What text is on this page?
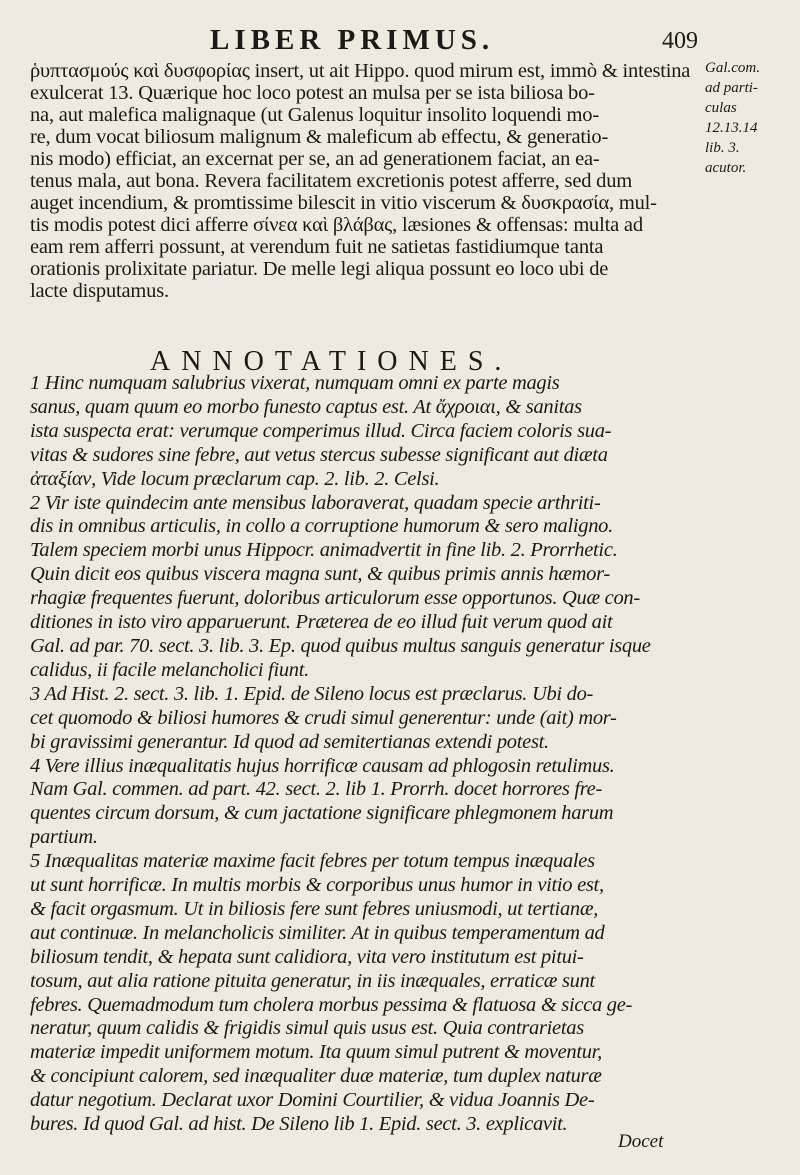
LIBER PRIMUS.	409
Gal.com.
ad parti-
culas
12.13.14
lib. 3.
acutor.
ῥυπτασμούς καὶ δυσφορίας insert, ut ait Hippo. quod mirum est, immò & intestina
exulcerat 13. Quærique hoc loco potest an mulsa per se ista biliosa bo-
na, aut malefica malignaque (ut Galenus loquitur insolito loquendi mo-
re, dum vocat biliosum malignum & maleficum ab effectu, & generatio-
nis modo) efficiat, an excernat per se, an ad generationem faciat, an ea-
tenus mala, aut bona. Revera facilitatem excretionis potest afferre, sed dum
auget incendium, & promtissime bilescit in vitio viscerum & δυσκρασία, mul-
tis modis potest dici afferre σίνεα καὶ βλάβας, læsiones & offensas: multa ad
eam rem afferri possunt, at verendum fuit ne satietas fastidiumque tanta
orationis prolixitate pariatur. De melle legi aliqua possunt eo loco ubi de
lacte disputamus.
ANNOTATIONES.
1 Hinc numquam salubrius vixerat, numquam omni ex parte magis
sanus, quam quum eo morbo funesto captus est. At ἄχροιαι, & sanitas
ista suspecta erat: verumque comperimus illud. Circa faciem coloris sua-
vitas & sudores sine febre, aut vetus stercus subesse significant aut diæta
ἀταξίαν, Vide locum præclarum cap. 2. lib. 2. Celsi.
2 Vir iste quindecim ante mensibus laboraverat, quadam specie arthriti-
dis in omnibus articulis, in collo a corruptione humorum & sero maligno.
Talem speciem morbi unus Hippocr. animadvertit in fine lib. 2. Prorrhetic.
Quin dicit eos quibus viscera magna sunt, & quibus primis annis hæmor-
rhagiæ frequentes fuerunt, doloribus articulorum esse opportunos. Quæ con-
ditiones in isto viro apparuerunt. Præterea de eo illud fuit verum quod ait
Gal. ad par. 70. sect. 3. lib. 3. Ep. quod quibus multus sanguis generatur isque
calidus, ii facile melancholici fiunt.
3 Ad Hist. 2. sect. 3. lib. 1. Epid. de Sileno locus est præclarus. Ubi do-
cet quomodo & biliosi humores & crudi simul generentur: unde (ait) mor-
bi gravissimi generantur. Id quod ad semitertianas extendi potest.
4 Vere illius inæqualitatis hujus horrificæ causam ad phlogosin retulimus.
Nam Gal. commen. ad part. 42. sect. 2. lib 1. Prorrh. docet horrores fre-
quentes circum dorsum, & cum jactatione significare phlegmonem harum
partium.
5 Inæqualitas materiæ maxime facit febres per totum tempus inæquales
ut sunt horrificæ. In multis morbis & corporibus unus humor in vitio est,
& facit orgasmum. Ut in biliosis fere sunt febres uniusmodi, ut tertianæ,
aut continuæ. In melancholicis similiter. At in quibus temperamentum ad
biliosum tendit, & hepata sunt calidiora, vita vero institutum est pitui-
tosum, aut alia ratione pituita generatur, in iis inæquales, erraticæ sunt
febres. Quemadmodum tum cholera morbus pessima & flatuosa & sicca ge-
neratur, quum calidis & frigidis simul quis usus est. Quia contrarietas
materiæ impedit uniformem motum. Ita quum simul putrent & moventur,
& concipiunt calorem, sed inæqualiter duæ materiæ, tum duplex naturæ
datur negotium. Declarat uxor Domini Courtilier, & vidua Joannis De-
bures. Id quod Gal. ad hist. De Sileno lib 1. Epid. sect. 3. explicavit.
Docet
